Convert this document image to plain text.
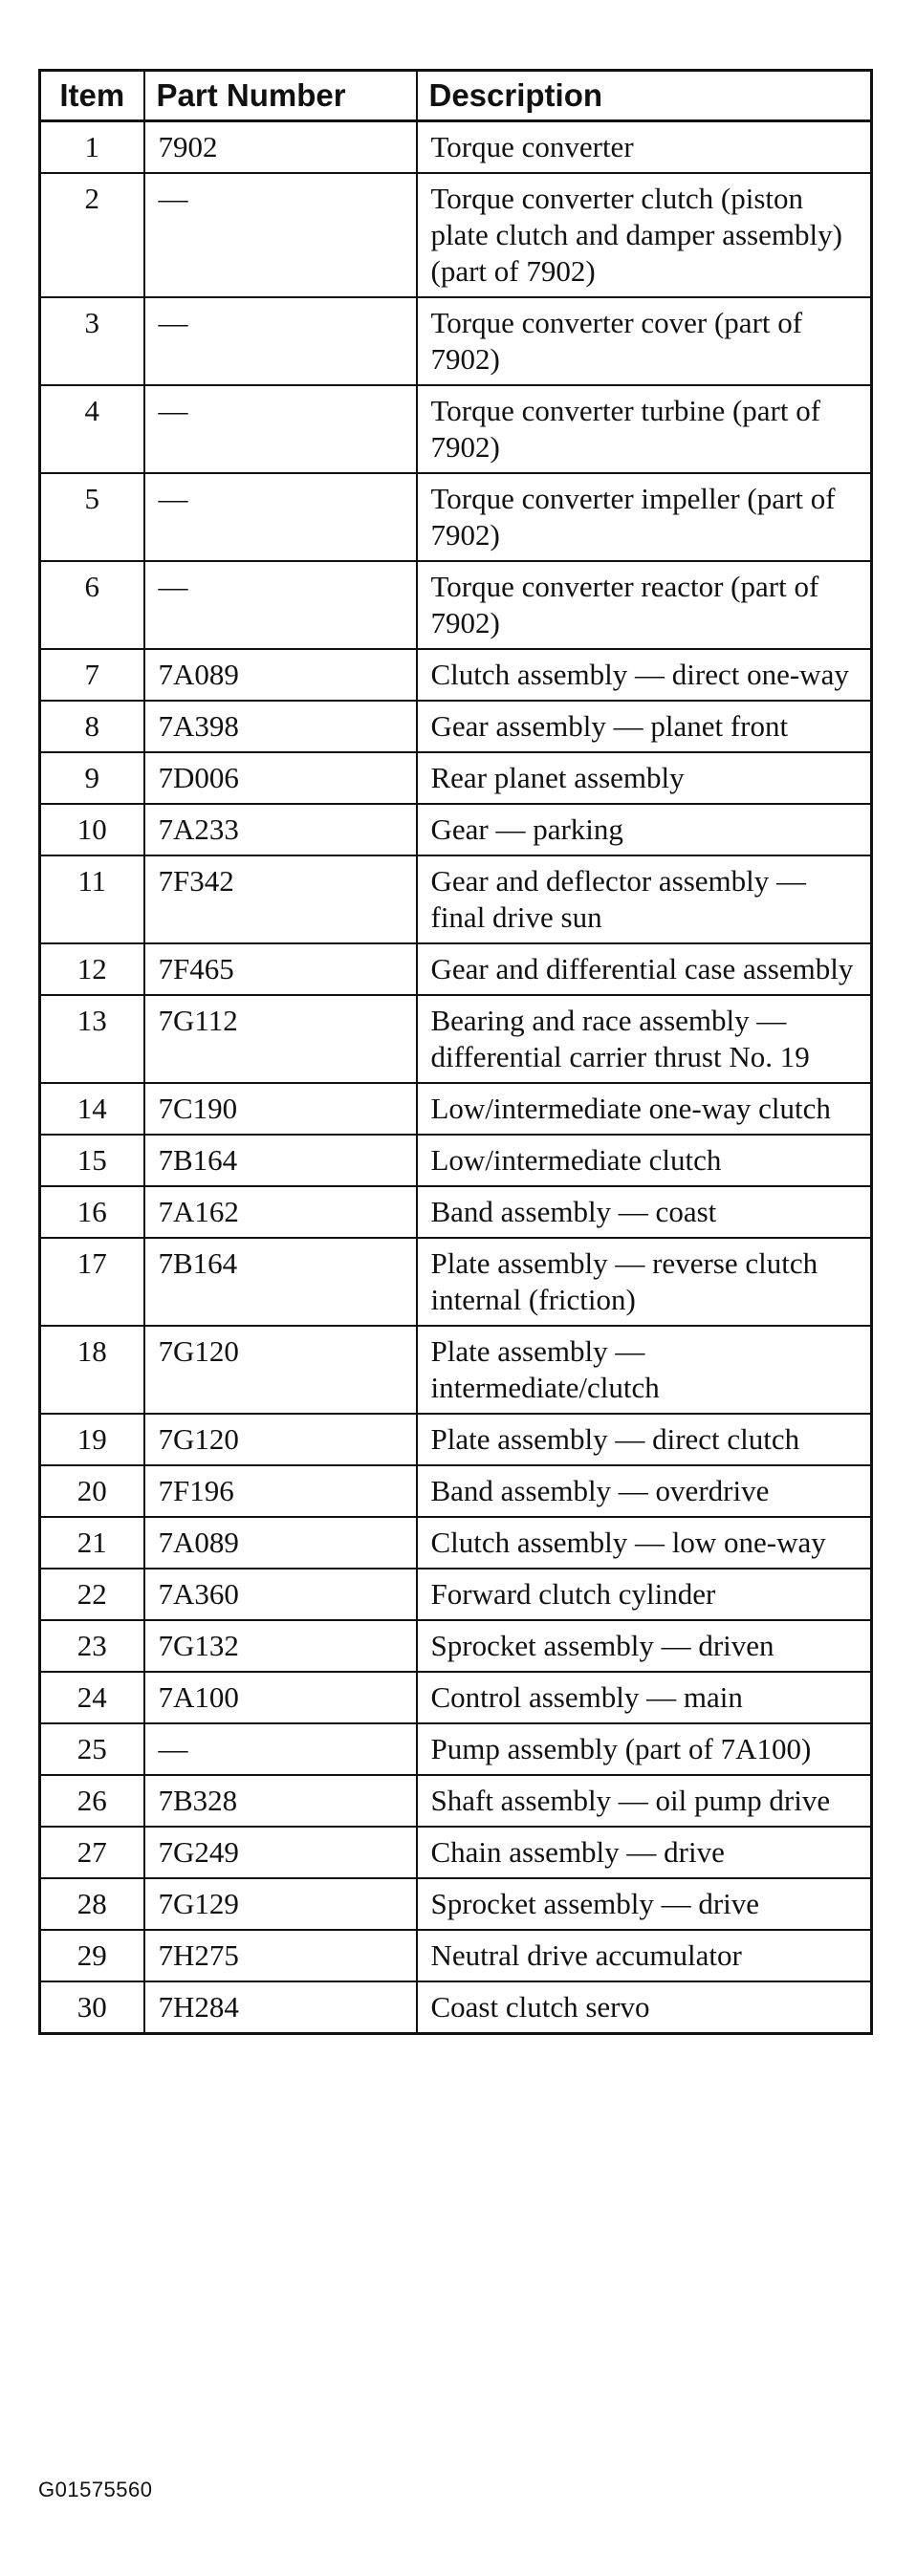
Item	Part Number	Description
1	7902	Torque converter
2	—	Torque converter clutch (piston plate clutch and damper assembly) (part of 7902)
3	—	Torque converter cover (part of 7902)
4	—	Torque converter turbine (part of 7902)
5	—	Torque converter impeller (part of 7902)
6	—	Torque converter reactor (part of 7902)
7	7A089	Clutch assembly — direct one-way
8	7A398	Gear assembly — planet front
9	7D006	Rear planet assembly
10	7A233	Gear — parking
11	7F342	Gear and deflector assembly — final drive sun
12	7F465	Gear and differential case assembly
13	7G112	Bearing and race assembly — differential carrier thrust No. 19
14	7C190	Low/intermediate one-way clutch
15	7B164	Low/intermediate clutch
16	7A162	Band assembly — coast
17	7B164	Plate assembly — reverse clutch internal (friction)
18	7G120	Plate assembly — intermediate/clutch
19	7G120	Plate assembly — direct clutch
20	7F196	Band assembly — overdrive
21	7A089	Clutch assembly — low one-way
22	7A360	Forward clutch cylinder
23	7G132	Sprocket assembly — driven
24	7A100	Control assembly — main
25	—	Pump assembly (part of 7A100)
26	7B328	Shaft assembly — oil pump drive
27	7G249	Chain assembly — drive
28	7G129	Sprocket assembly — drive
29	7H275	Neutral drive accumulator
30	7H284	Coast clutch servo
G01575560
